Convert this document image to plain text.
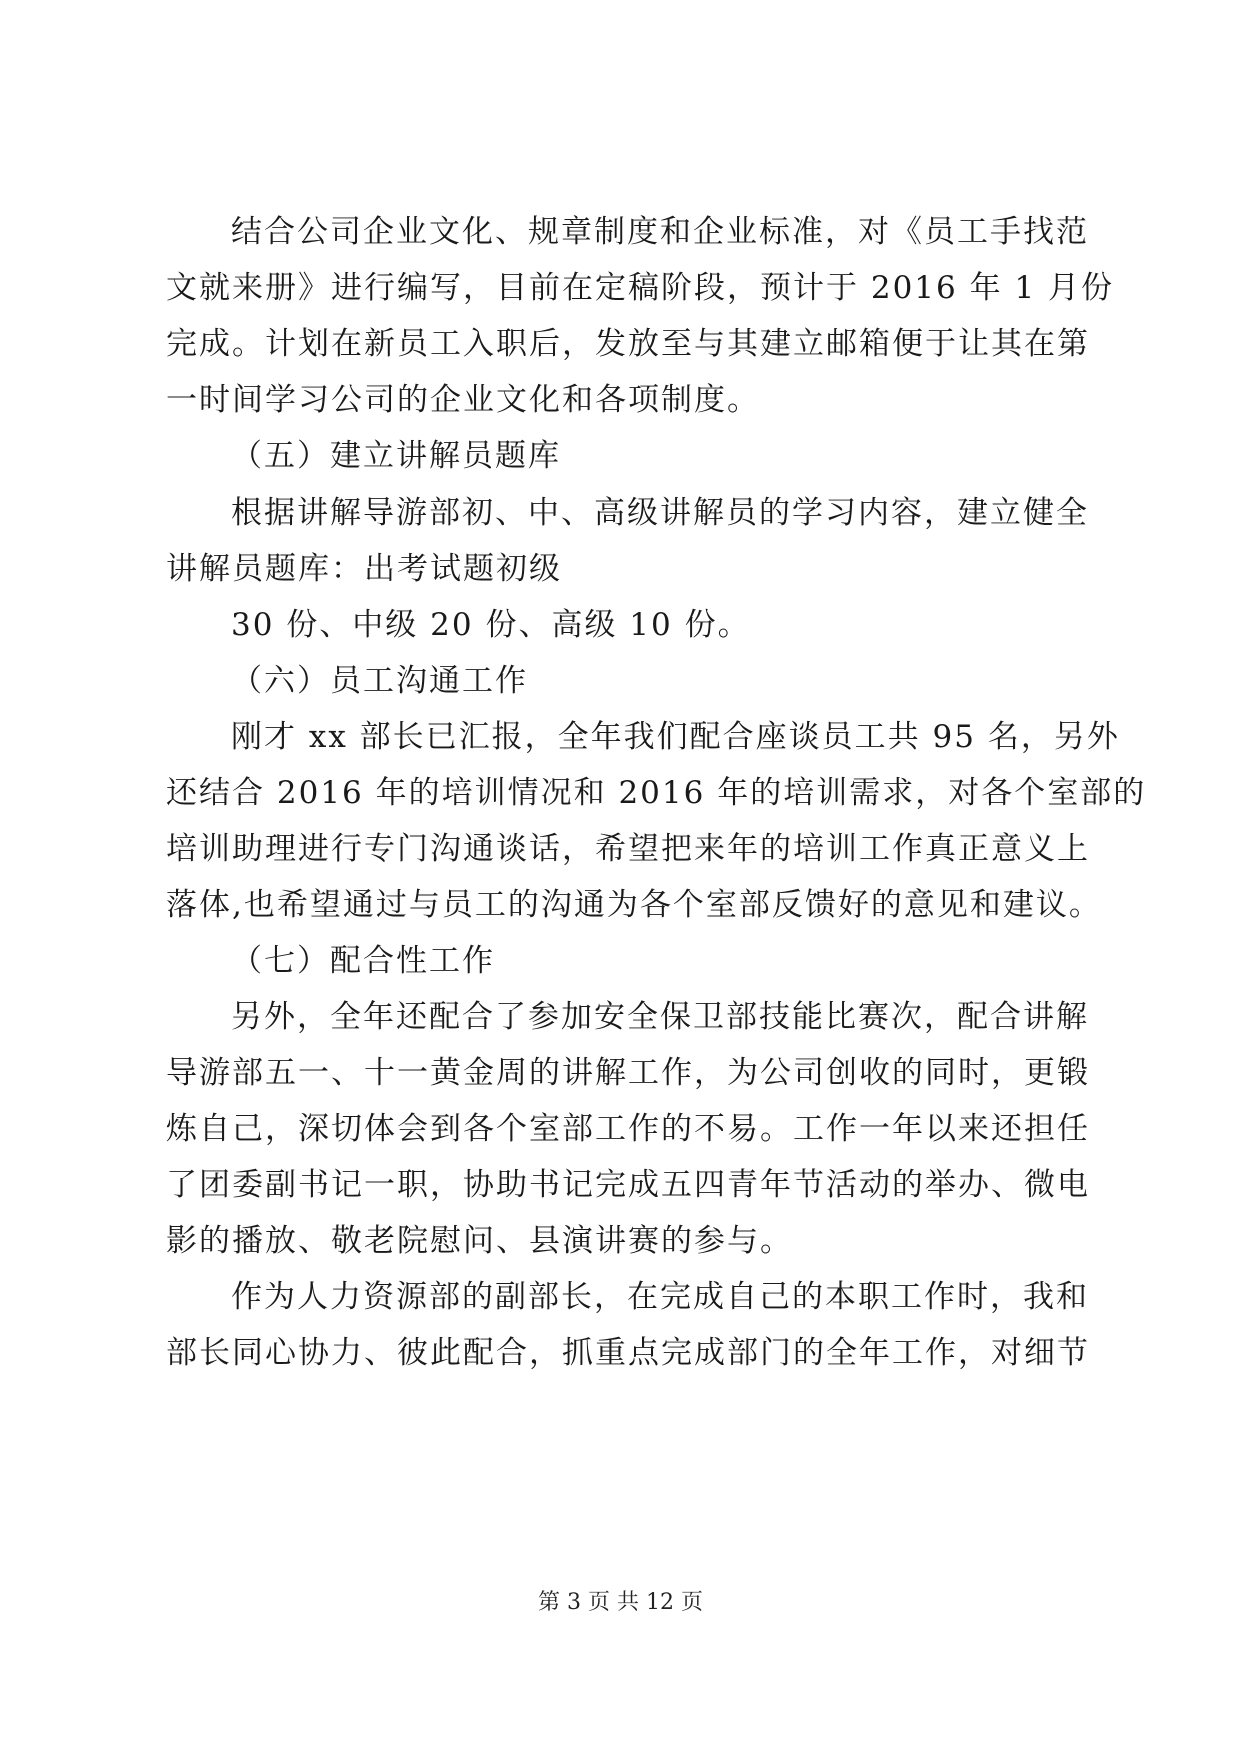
结合公司企业文化、规章制度和企业标准，对《员工手找范
文就来册》进行编写，目前在定稿阶段，预计于 2016 年 1 月份
完成。计划在新员工入职后，发放至与其建立邮箱便于让其在第
一时间学习公司的企业文化和各项制度。
（五）建立讲解员题库
根据讲解导游部初、中、高级讲解员的学习内容，建立健全
讲解员题库：出考试题初级
30 份、中级 20 份、高级 10 份。
（六）员工沟通工作
刚才 xx 部长已汇报，全年我们配合座谈员工共 95 名，另外
还结合 2016 年的培训情况和 2016 年的培训需求，对各个室部的
培训助理进行专门沟通谈话，希望把来年的培训工作真正意义上
落体,也希望通过与员工的沟通为各个室部反馈好的意见和建议。
（七）配合性工作
另外，全年还配合了参加安全保卫部技能比赛次，配合讲解
导游部五一、十一黄金周的讲解工作，为公司创收的同时，更锻
炼自己，深切体会到各个室部工作的不易。工作一年以来还担任
了团委副书记一职，协助书记完成五四青年节活动的举办、微电
影的播放、敬老院慰问、县演讲赛的参与。
作为人力资源部的副部长，在完成自己的本职工作时，我和
部长同心协力、彼此配合，抓重点完成部门的全年工作，对细节
第 3 页 共 12 页
